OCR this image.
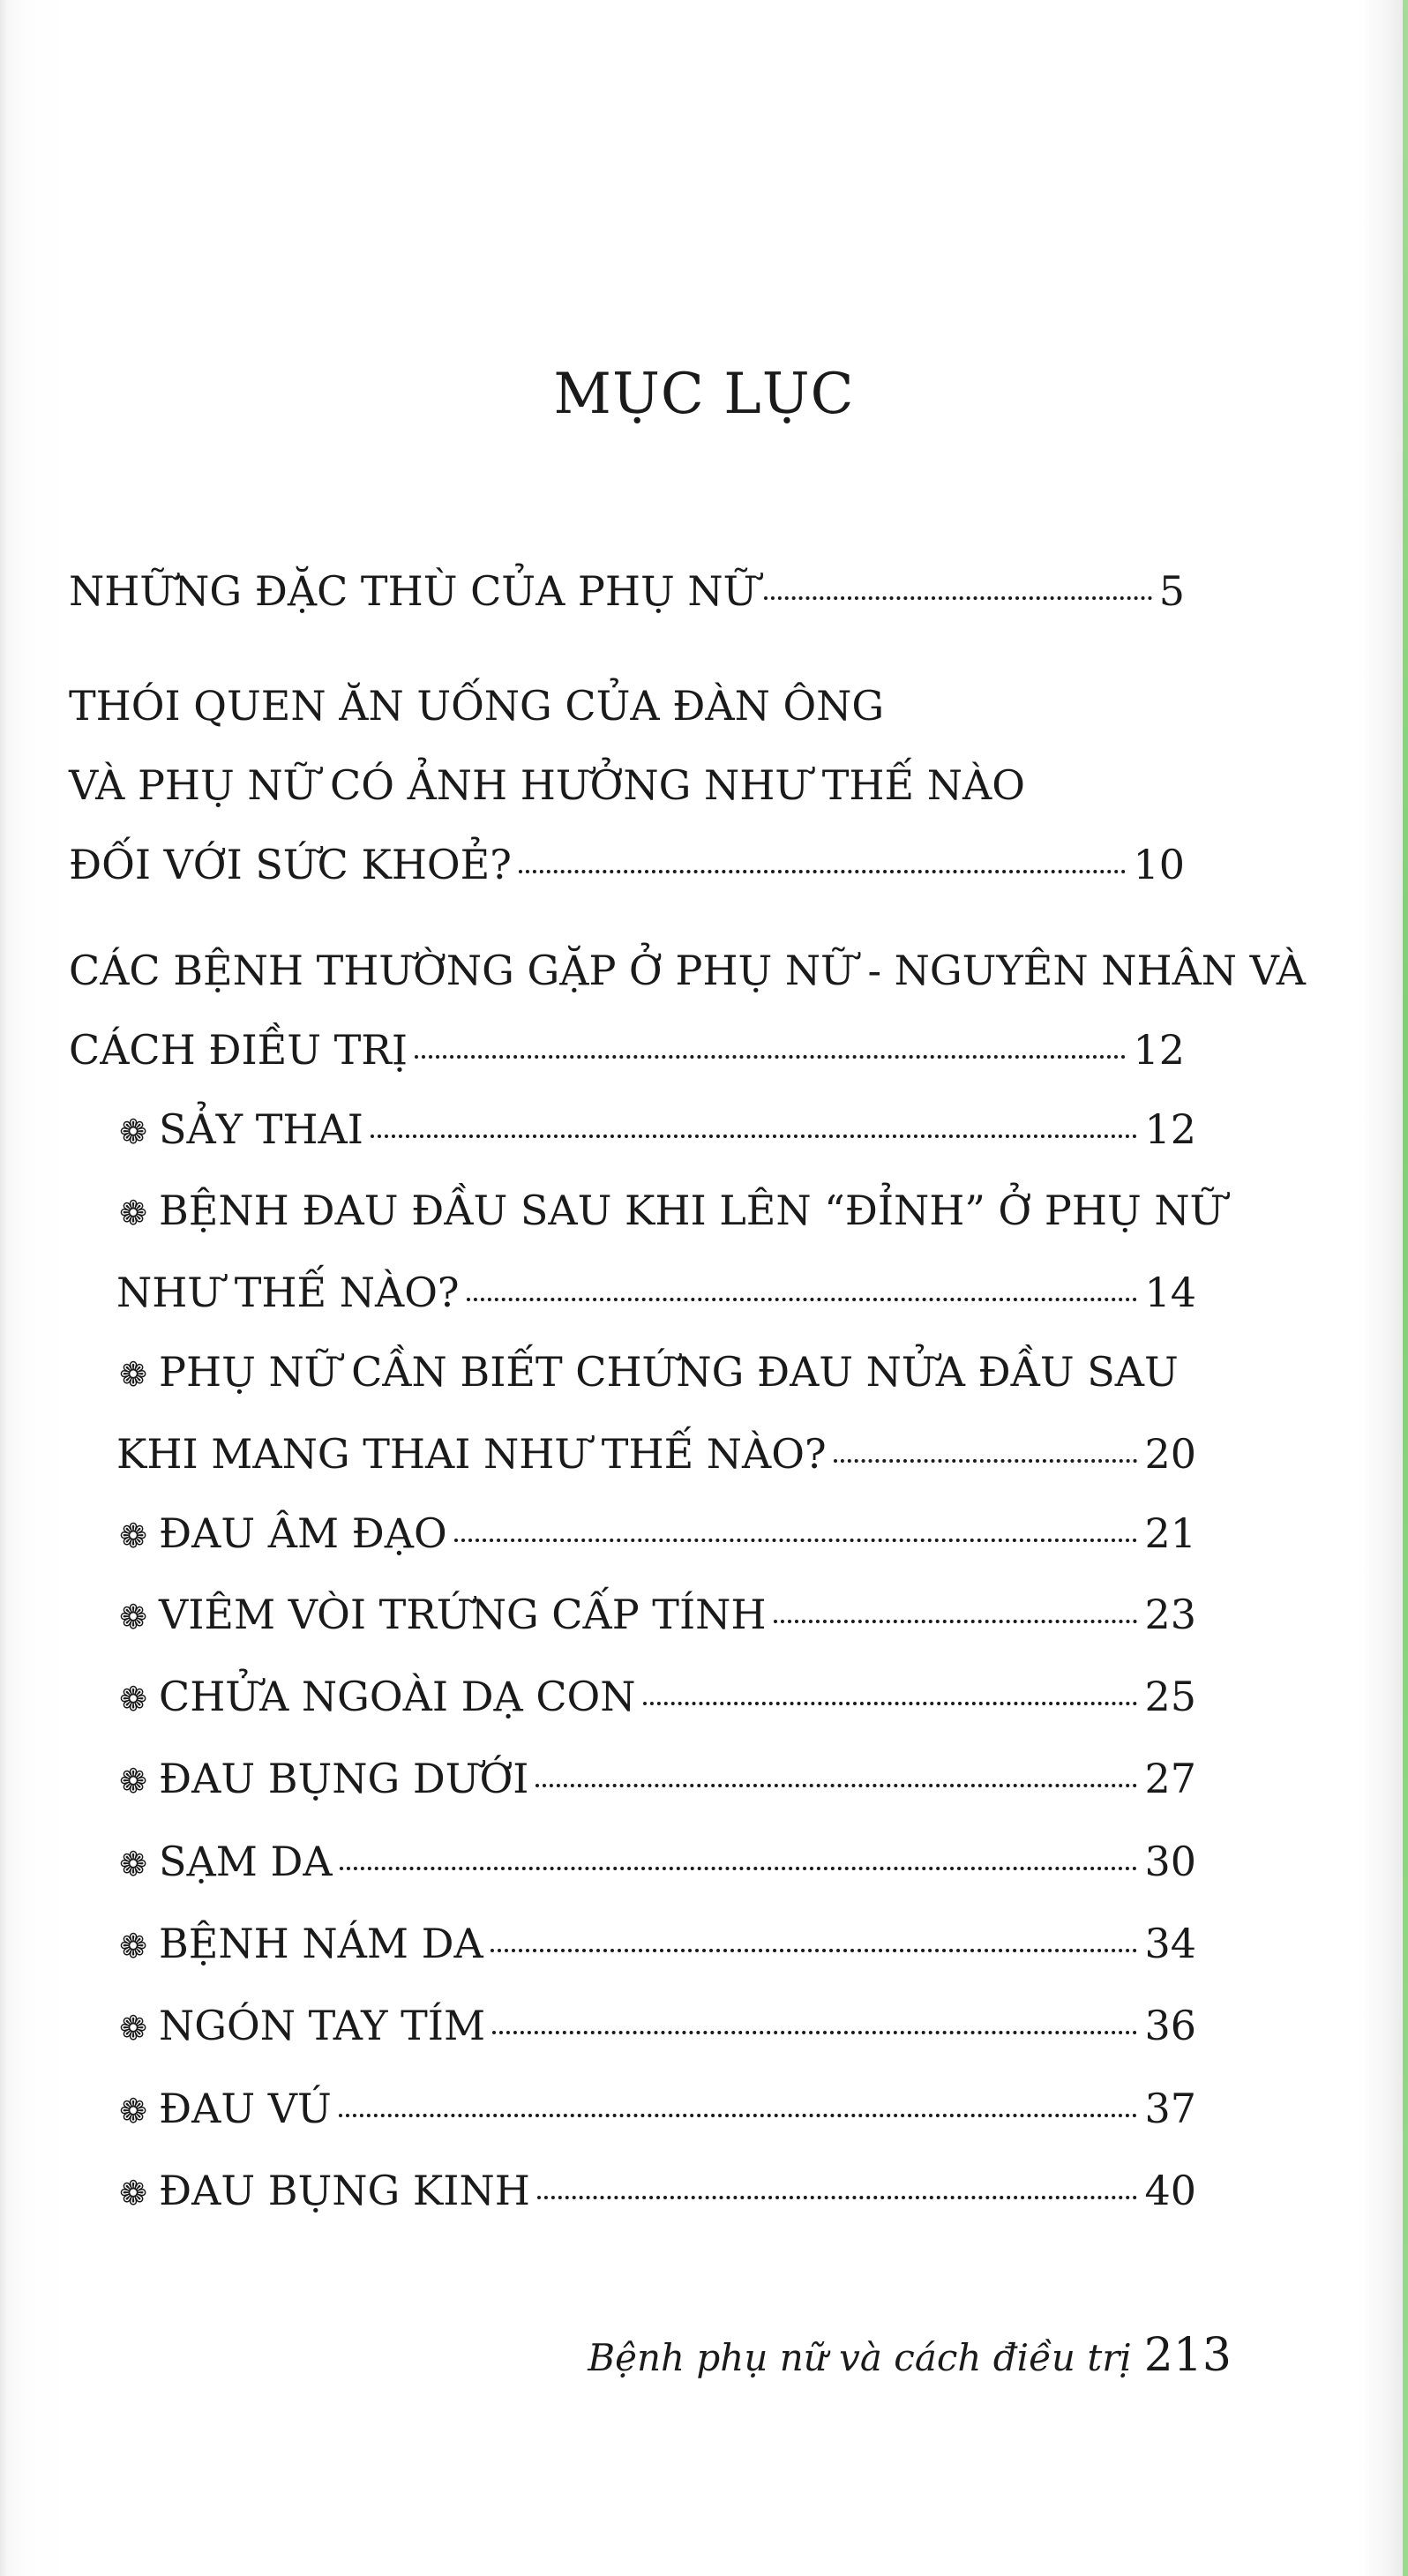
MỤC LỤC
NHỮNG ĐẶC THÙ CỦA PHỤ NỮ	5
THÓI QUEN ĂN UỐNG CỦA ĐÀN ÔNG
VÀ PHỤ NỮ CÓ ẢNH HƯỞNG NHƯ THẾ NÀO
ĐỐI VỚI SỨC KHOẺ?	10
CÁC BỆNH THƯỜNG GẶP Ở PHỤ NỮ - NGUYÊN NHÂN VÀ
CÁCH ĐIỀU TRỊ	12
❁ SẢY THAI	12
❁ BỆNH ĐAU ĐẦU SAU KHI LÊN “ĐỈNH” Ở PHỤ NỮ
NHƯ THẾ NÀO?	14
❁ PHỤ NỮ CẦN BIẾT CHỨNG ĐAU NỬA ĐẦU SAU
KHI MANG THAI NHƯ THẾ NÀO?	20
❁ ĐAU ÂM ĐẠO	21
❁ VIÊM VÒI TRỨNG CẤP TÍNH	23
❁ CHỬA NGOÀI DẠ CON	25
❁ ĐAU BỤNG DƯỚI	27
❁ SẠM DA	30
❁ BỆNH NÁM DA	34
❁ NGÓN TAY TÍM	36
❁ ĐAU VÚ	37
❁ ĐAU BỤNG KINH	40
Bệnh phụ nữ và cách điều trị 213
